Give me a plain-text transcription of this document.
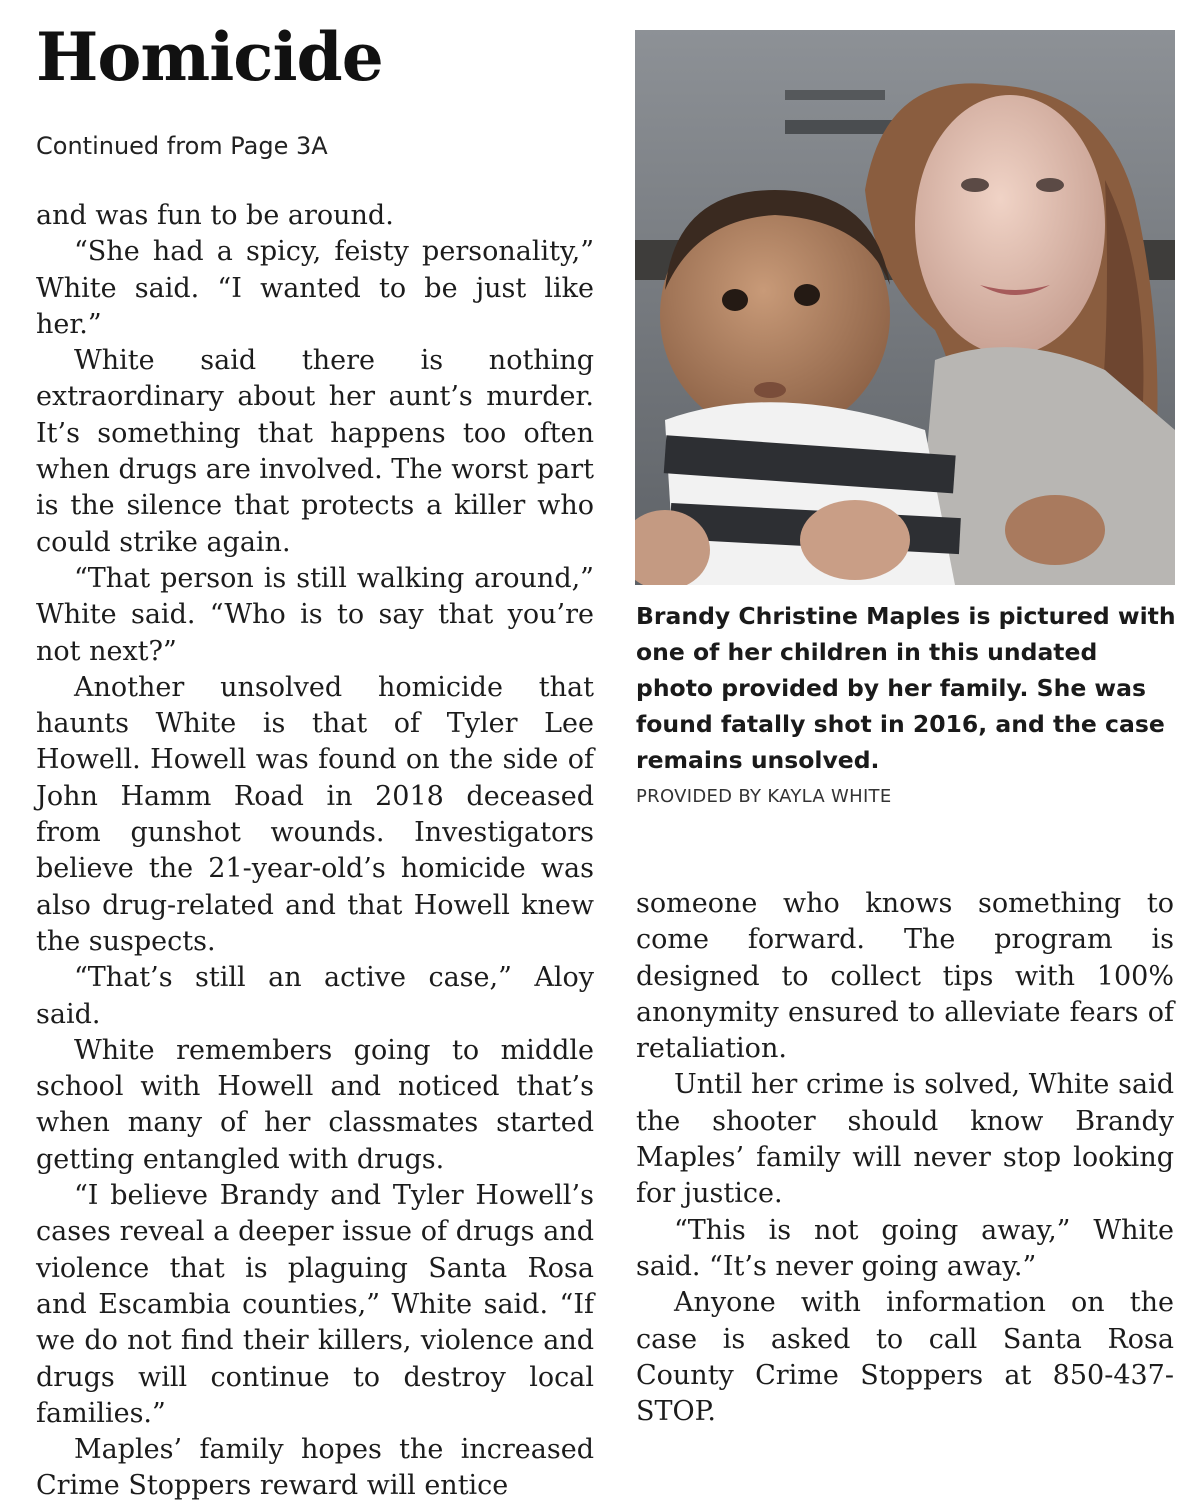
Homicide
Continued from Page 3A

and was fun to be around.

“She had a spicy, feisty personality,” White said. “I wanted to be just like her.”

White said there is nothing extraordinary about her aunt’s murder. It’s something that happens too often when drugs are involved. The worst part is the silence that protects a killer who could strike again.

“That person is still walking around,” White said. “Who is to say that you’re not next?”

Another unsolved homicide that haunts White is that of Tyler Lee Howell. Howell was found on the side of John Hamm Road in 2018 deceased from gunshot wounds. Investigators believe the 21-year-old’s homicide was also drug-related and that Howell knew the suspects.

“That’s still an active case,” Aloy said.

White remembers going to middle school with Howell and noticed that’s when many of her classmates started getting entangled with drugs.

“I believe Brandy and Tyler Howell’s cases reveal a deeper issue of drugs and violence that is plaguing Santa Rosa and Escambia counties,” White said. “If we do not find their killers, violence and drugs will continue to destroy local families.”

Maples’ family hopes the increased Crime Stoppers reward will entice

Brandy Christine Maples is pictured with one of her children in this undated photo provided by her family. She was found fatally shot in 2016, and the case remains unsolved.
PROVIDED BY KAYLA WHITE

someone who knows something to come forward. The program is designed to collect tips with 100% anonymity ensured to alleviate fears of retaliation.

Until her crime is solved, White said the shooter should know Brandy Maples’ family will never stop looking for justice.

“This is not going away,” White said. “It’s never going away.”

Anyone with information on the case is asked to call Santa Rosa County Crime Stoppers at 850-437-STOP.
